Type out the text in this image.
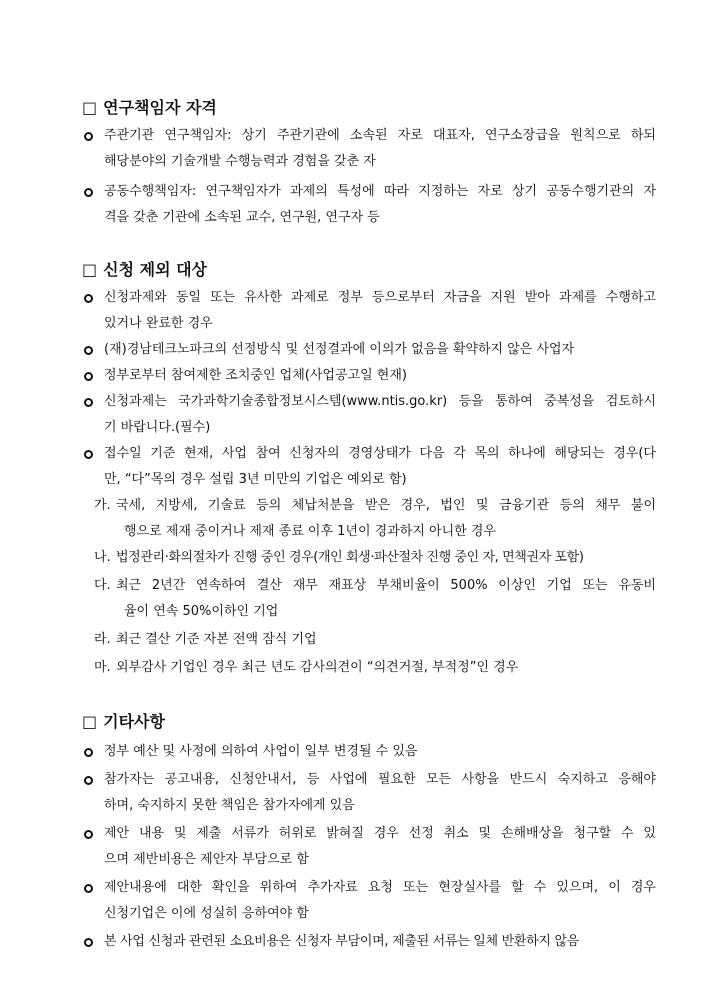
□ 연구책임자 자격
주관기관 연구책임자: 상기 주관기관에 소속된 자로 대표자, 연구소장급을 원칙으로 하되
해당분야의 기술개발 수행능력과 경험을 갖춘 자
공동수행책임자: 연구책임자가 과제의 특성에 따라 지정하는 자로 상기 공동수행기관의 자
격을 갖춘 기관에 소속된 교수, 연구원, 연구자 등
□ 신청 제외 대상
신청과제와 동일 또는 유사한 과제로 정부 등으로부터 자금을 지원 받아 과제를 수행하고
있거나 완료한 경우
(재)경남테크노파크의 선정방식 및 선정결과에 이의가 없음을 확약하지 않은 사업자
정부로부터 참여제한 조치중인 업체(사업공고일 현재)
신청과제는 국가과학기술종합정보시스템(www.ntis.go.kr) 등을 통하여 중복성을 검토하시
기 바랍니다.(필수)
접수일 기준 현재, 사업 참여 신청자의 경영상태가 다음 각 목의 하나에 해당되는 경우(다
만, “다”목의 경우 설립 3년 미만의 기업은 예외로 함)
가. 국세, 지방세, 기술료 등의 체납처분을 받은 경우, 법인 및 금융기관 등의 채무 불이
행으로 제재 중이거나 제재 종료 이후 1년이 경과하지 아니한 경우
나. 법정관리·화의절차가 진행 중인 경우(개인 회생·파산절차 진행 중인 자, 면책권자 포함)
다. 최근 2년간 연속하여 결산 재무 재표상 부채비율이 500% 이상인 기업 또는 유동비
율이 연속 50%이하인 기업
라. 최근 결산 기준 자본 전액 잠식 기업
마. 외부감사 기업인 경우 최근 년도 감사의견이 “의견거절, 부적정”인 경우
□ 기타사항
정부 예산 및 사정에 의하여 사업이 일부 변경될 수 있음
참가자는 공고내용, 신청안내서, 등 사업에 필요한 모든 사항을 반드시 숙지하고 응해야
하며, 숙지하지 못한 책임은 참가자에게 있음
제안 내용 및 제출 서류가 허위로 밝혀질 경우 선정 취소 및 손해배상을 청구할 수 있
으며 제반비용은 제안자 부담으로 함
제안내용에 대한 확인을 위하여 추가자료 요청 또는 현장실사를 할 수 있으며, 이 경우
신청기업은 이에 성실히 응하여야 함
본 사업 신청과 관련된 소요비용은 신청자 부담이며, 제출된 서류는 일체 반환하지 않음
